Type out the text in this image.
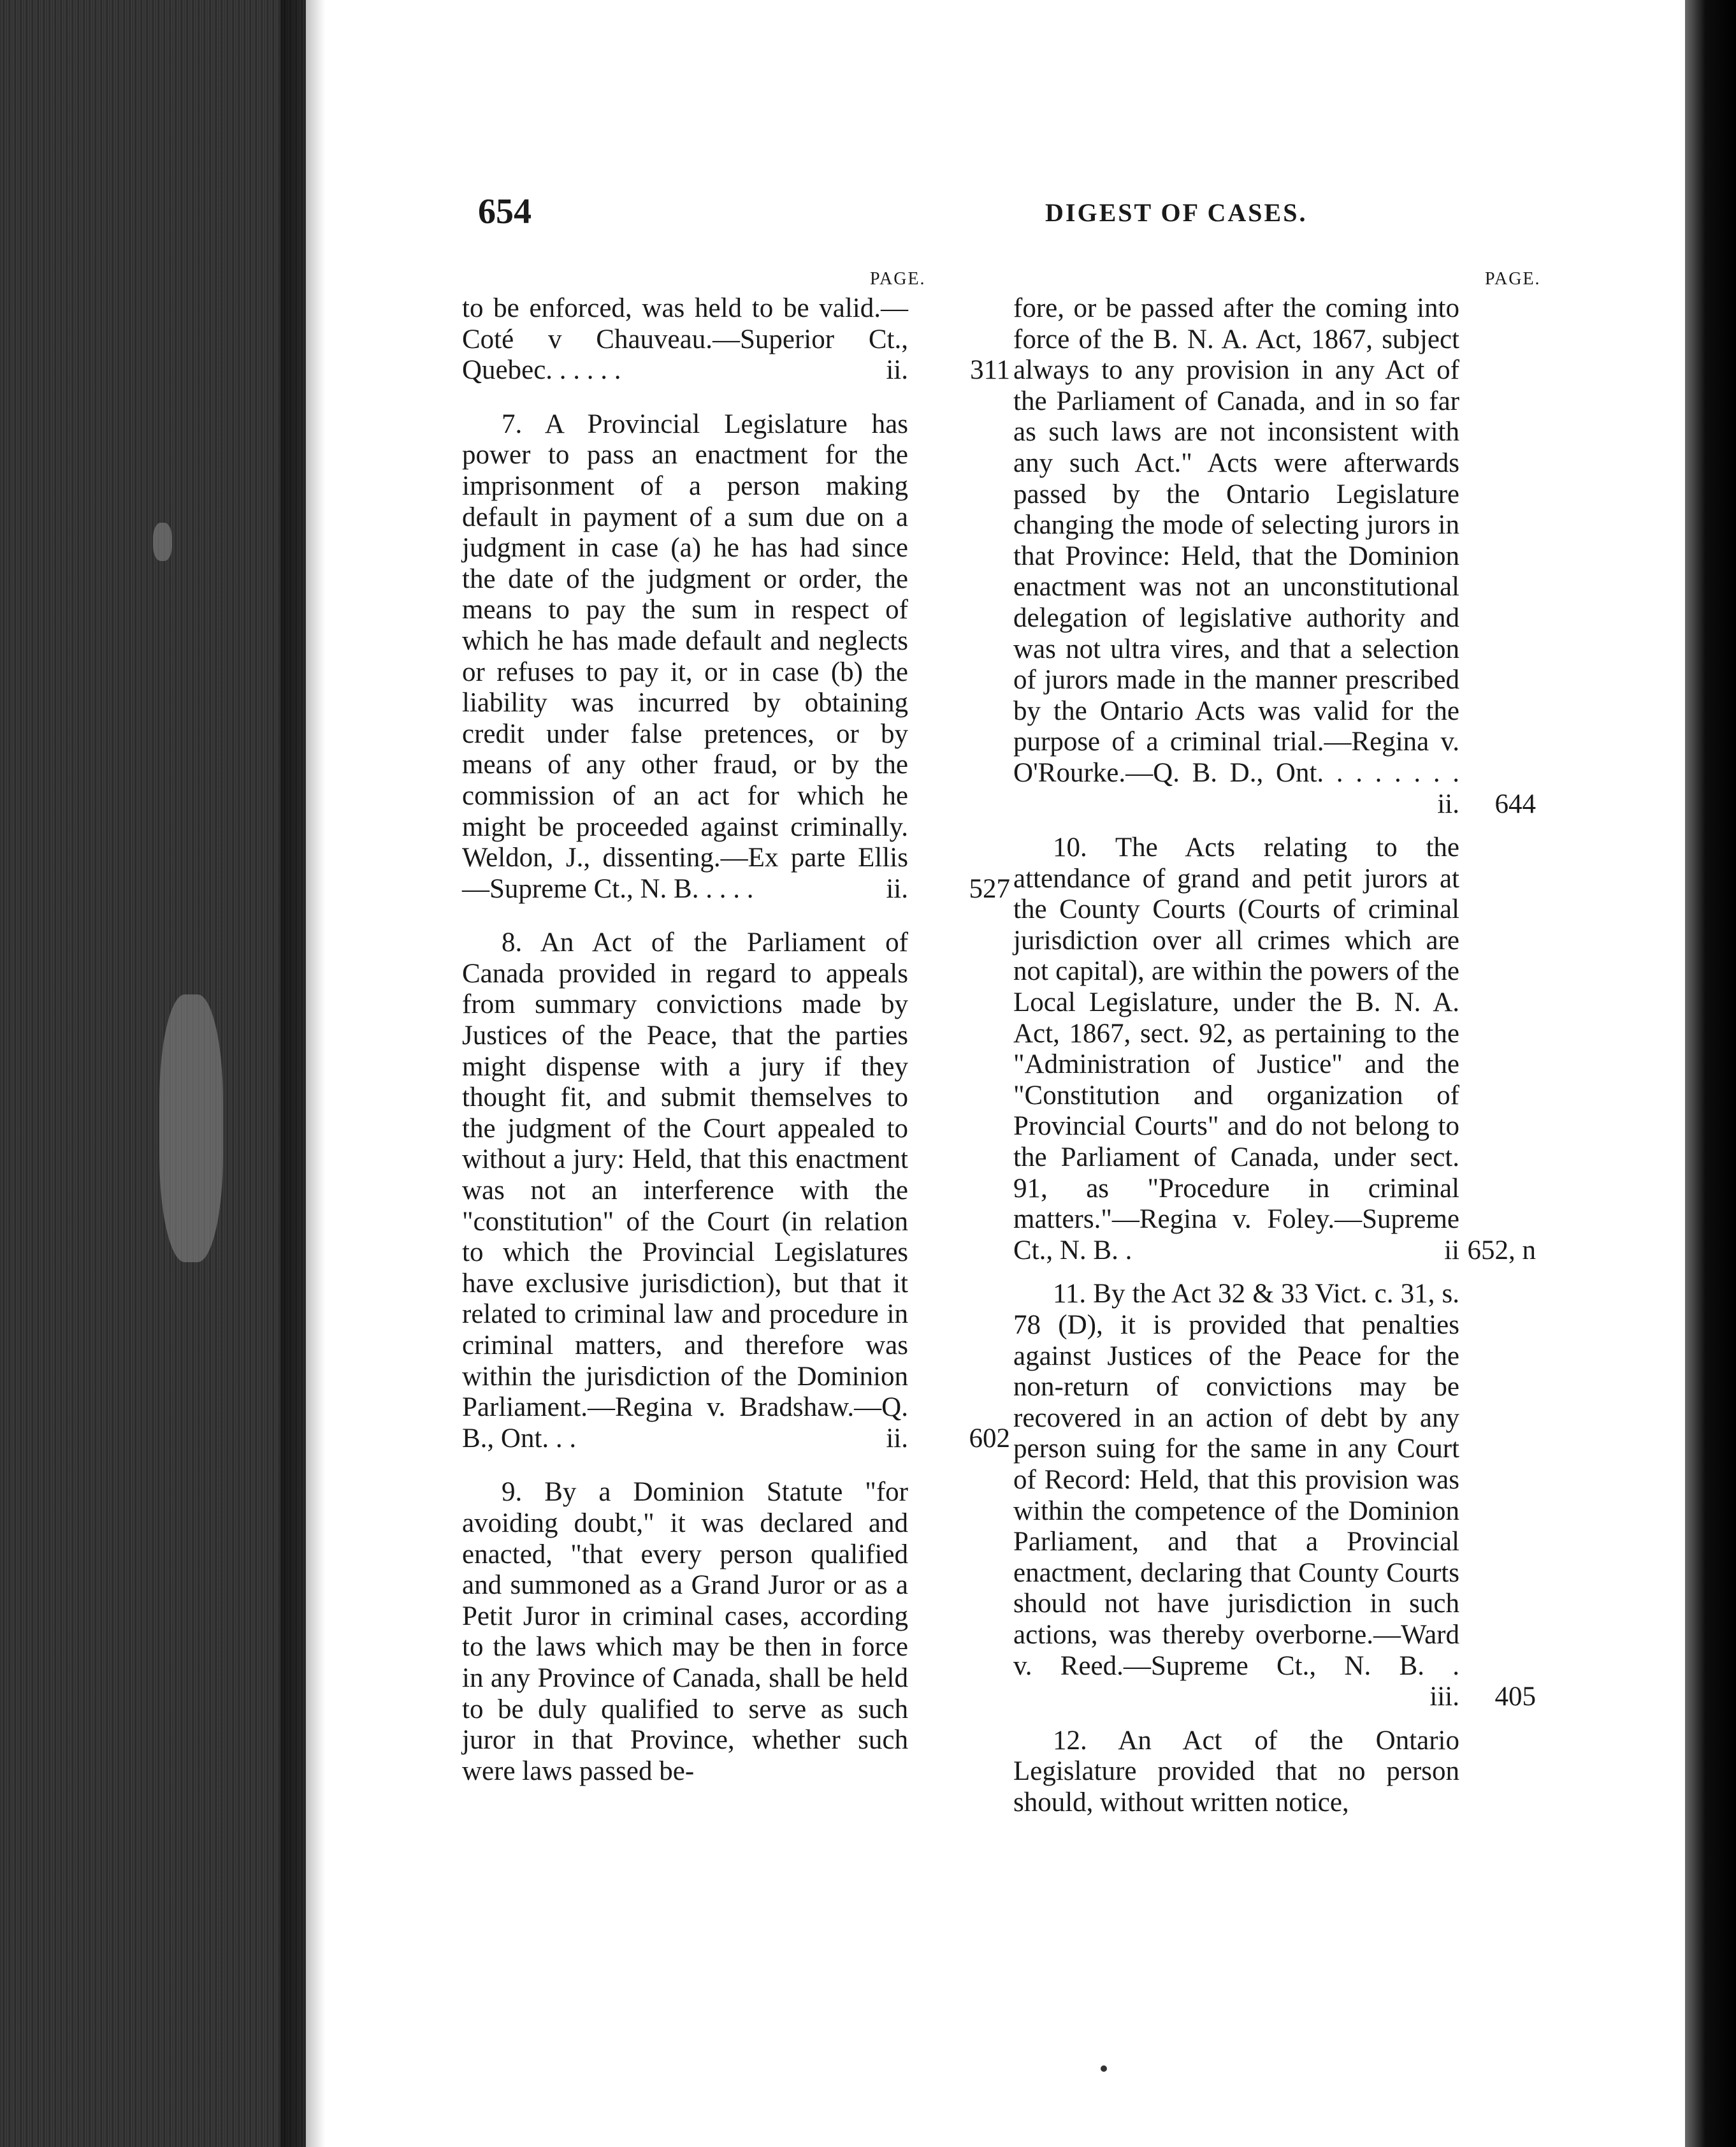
654	DIGEST OF CASES.
PAGE.

to be enforced, was held to be valid.—Coté v Chauveau.—Superior Ct., Quebec. . . . . .	ii. 311

7. A Provincial Legislature has power to pass an enactment for the imprisonment of a person making default in payment of a sum due on a judgment in case (a) he has had since the date of the judgment or order, the means to pay the sum in respect of which he has made default and neglects or refuses to pay it, or in case (b) the liability was incurred by obtaining credit under false pretences, or by means of any other fraud, or by the commission of an act for which he might be proceeded against criminally. Weldon, J., dissenting.—Ex parte Ellis—Supreme Ct., N. B. . . . .	ii.	527

8. An Act of the Parliament of Canada provided in regard to appeals from summary convictions made by Justices of the Peace, that the parties might dispense with a jury if they thought fit, and submit themselves to the judgment of the Court appealed to without a jury: Held, that this enactment was not an interference with the "constitution" of the Court (in relation to which the Provincial Legislatures have exclusive jurisdiction), but that it related to criminal law and procedure in criminal matters, and therefore was within the jurisdiction of the Dominion Parliament.—Regina v. Bradshaw.—Q. B., Ont. . .	ii.	602

9. By a Dominion Statute "for avoiding doubt," it was declared and enacted, "that every person qualified and summoned as a Grand Juror or as a Petit Juror in criminal cases, according to the laws which may be then in force in any Province of Canada, shall be held to be duly qualified to serve as such juror in that Province, whether such were laws passed be-

PAGE.

fore, or be passed after the coming into force of the B. N. A. Act, 1867, subject always to any provision in any Act of the Parliament of Canada, and in so far as such laws are not inconsistent with any such Act." Acts were afterwards passed by the Ontario Legislature changing the mode of selecting jurors in that Province: Held, that the Dominion enactment was not an unconstitutional delegation of legislative authority and was not ultra vires, and that a selection of jurors made in the manner prescribed by the Ontario Acts was valid for the purpose of a criminal trial.—Regina v. O'Rourke.—Q. B. D., Ont. . . . . . . .
ii. 644

10. The Acts relating to the attendance of grand and petit jurors at the County Courts (Courts of criminal jurisdiction over all crimes which are not capital), are within the powers of the Local Legislature, under the B. N. A. Act, 1867, sect. 92, as pertaining to the "Administration of Justice" and the "Constitution and organization of Provincial Courts" and do not belong to the Parliament of Canada, under sect. 91, as "Procedure in criminal matters."—Regina v. Foley.—Supreme Ct., N. B. .	ii 652, n

11. By the Act 32 & 33 Vict. c. 31, s. 78 (D), it is provided that penalties against Justices of the Peace for the non-return of convictions may be recovered in an action of debt by any person suing for the same in any Court of Record: Held, that this provision was within the competence of the Dominion Parliament, and that a Provincial enactment, declaring that County Courts should not have jurisdiction in such actions, was thereby overborne.—Ward v. Reed.—Supreme Ct., N. B. .
iii.	405

12. An Act of the Ontario Legislature provided that no person should, without written notice,
